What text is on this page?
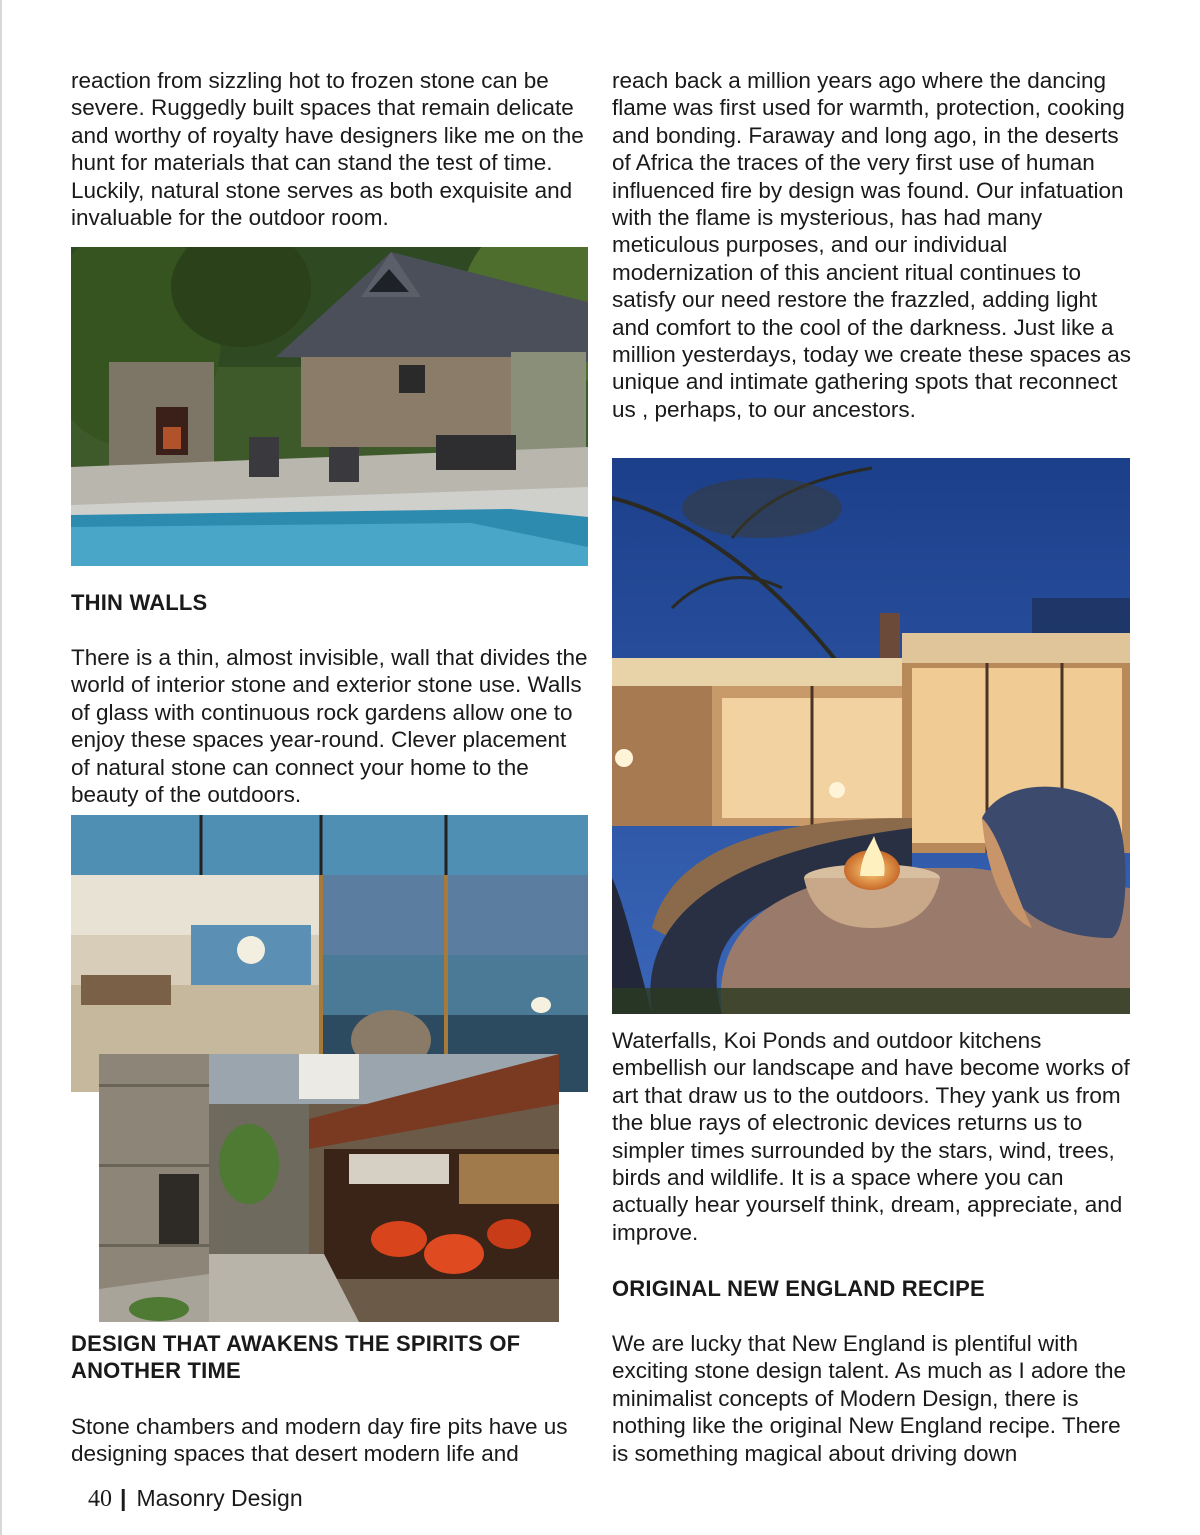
reaction from sizzling hot to frozen stone can be severe. Ruggedly built spaces that remain delicate and worthy of royalty have designers like me on the hunt for materials that can stand the test of time. Luckily, natural stone serves as both exquisite and invaluable for the outdoor room.

THIN WALLS

There is a thin, almost invisible, wall that divides the world of interior stone and exterior stone use. Walls of glass with continuous rock gardens allow one to enjoy these spaces year-round. Clever placement of natural stone can connect your home to the beauty of the outdoors.

DESIGN THAT AWAKENS THE SPIRITS OF ANOTHER TIME

Stone chambers and modern day fire pits have us designing spaces that desert modern life and

reach back a million years ago where the dancing flame was first used for warmth, protection, cooking and bonding. Faraway and long ago, in the deserts of Africa the traces of the very first use of human influenced fire by design was found. Our infatuation with the flame is mysterious, has had many meticulous purposes, and our individual modernization of this ancient ritual continues to satisfy our need restore the frazzled, adding light and comfort to the cool of the darkness. Just like a million yesterdays, today we create these spaces as unique and intimate gathering spots that reconnect us , perhaps, to our ancestors.

Waterfalls, Koi Ponds and outdoor kitchens embellish our landscape and have become works of art that draw us to the outdoors. They yank us from the blue rays of electronic devices returns us to simpler times surrounded by the stars, wind, trees, birds and wildlife. It is a space where you can actually hear yourself think, dream, appreciate, and improve.

ORIGINAL NEW ENGLAND RECIPE

We are lucky that New England is plentiful with exciting stone design talent. As much as I adore the minimalist concepts of Modern Design, there is nothing like the original New England recipe. There is something magical about driving down

40 | Masonry Design
